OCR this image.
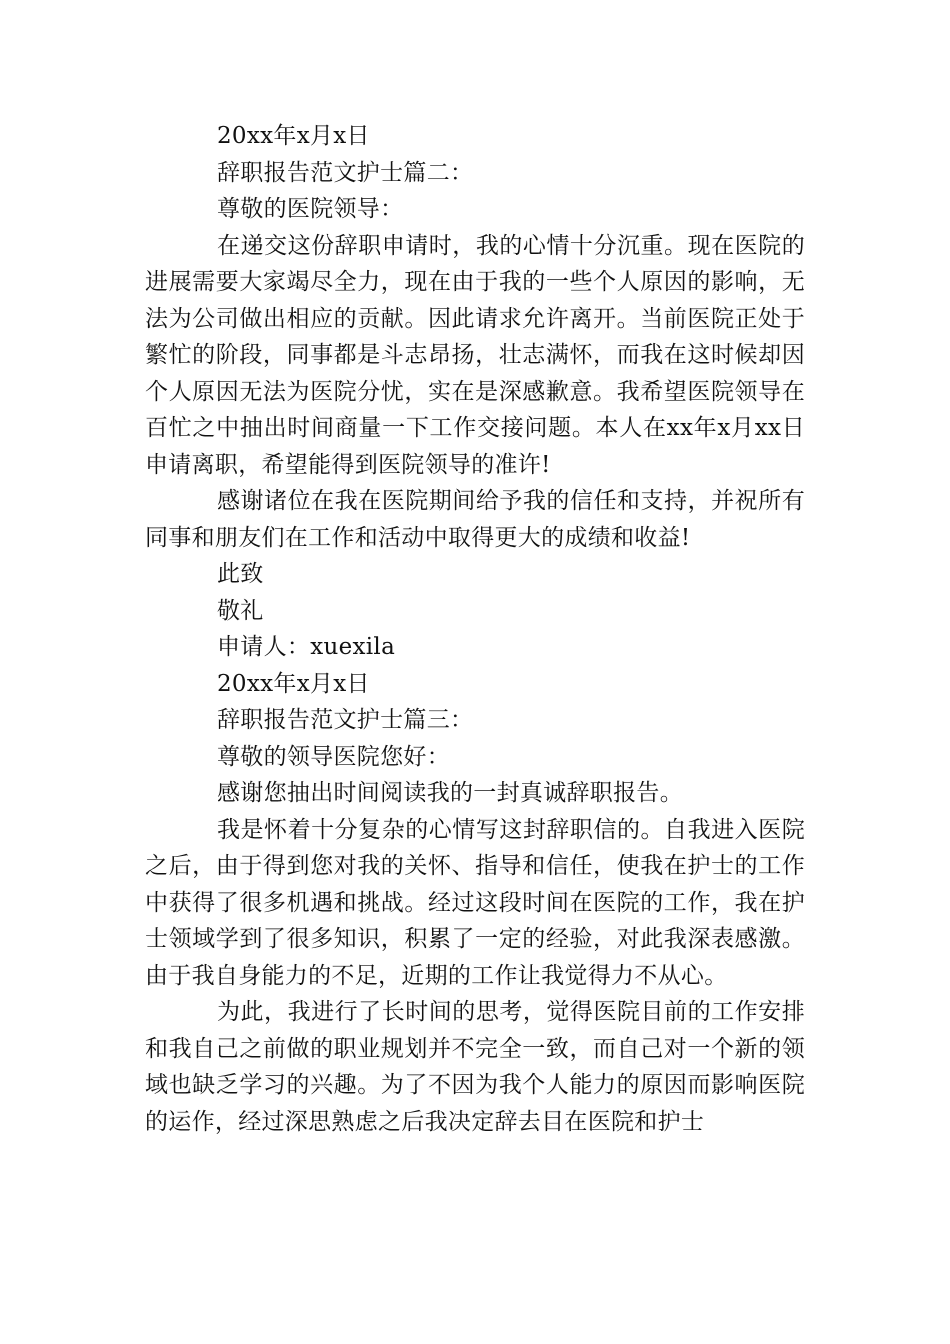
20xx年x月x日

辞职报告范文护士篇二：

尊敬的医院领导：

在递交这份辞职申请时，我的心情十分沉重。现在医院的进展需要大家竭尽全力，现在由于我的一些个人原因的影响，无法为公司做出相应的贡献。因此请求允许离开。当前医院正处于繁忙的阶段，同事都是斗志昂扬，壮志满怀，而我在这时候却因个人原因无法为医院分忧，实在是深感歉意。我希望医院领导在百忙之中抽出时间商量一下工作交接问题。本人在xx年x月xx日申请离职，希望能得到医院领导的准许!

感谢诸位在我在医院期间给予我的信任和支持，并祝所有同事和朋友们在工作和活动中取得更大的成绩和收益!

此致

敬礼

申请人：xuexila

20xx年x月x日

辞职报告范文护士篇三：

尊敬的领导医院您好：

感谢您抽出时间阅读我的一封真诚辞职报告。

我是怀着十分复杂的心情写这封辞职信的。自我进入医院之后，由于得到您对我的关怀、指导和信任，使我在护士的工作中获得了很多机遇和挑战。经过这段时间在医院的工作，我在护士领域学到了很多知识，积累了一定的经验，对此我深表感激。由于我自身能力的不足，近期的工作让我觉得力不从心。

为此，我进行了长时间的思考，觉得医院目前的工作安排和我自己之前做的职业规划并不完全一致，而自己对一个新的领域也缺乏学习的兴趣。为了不因为我个人能力的原因而影响医院的运作，经过深思熟虑之后我决定辞去目在医院和护士
